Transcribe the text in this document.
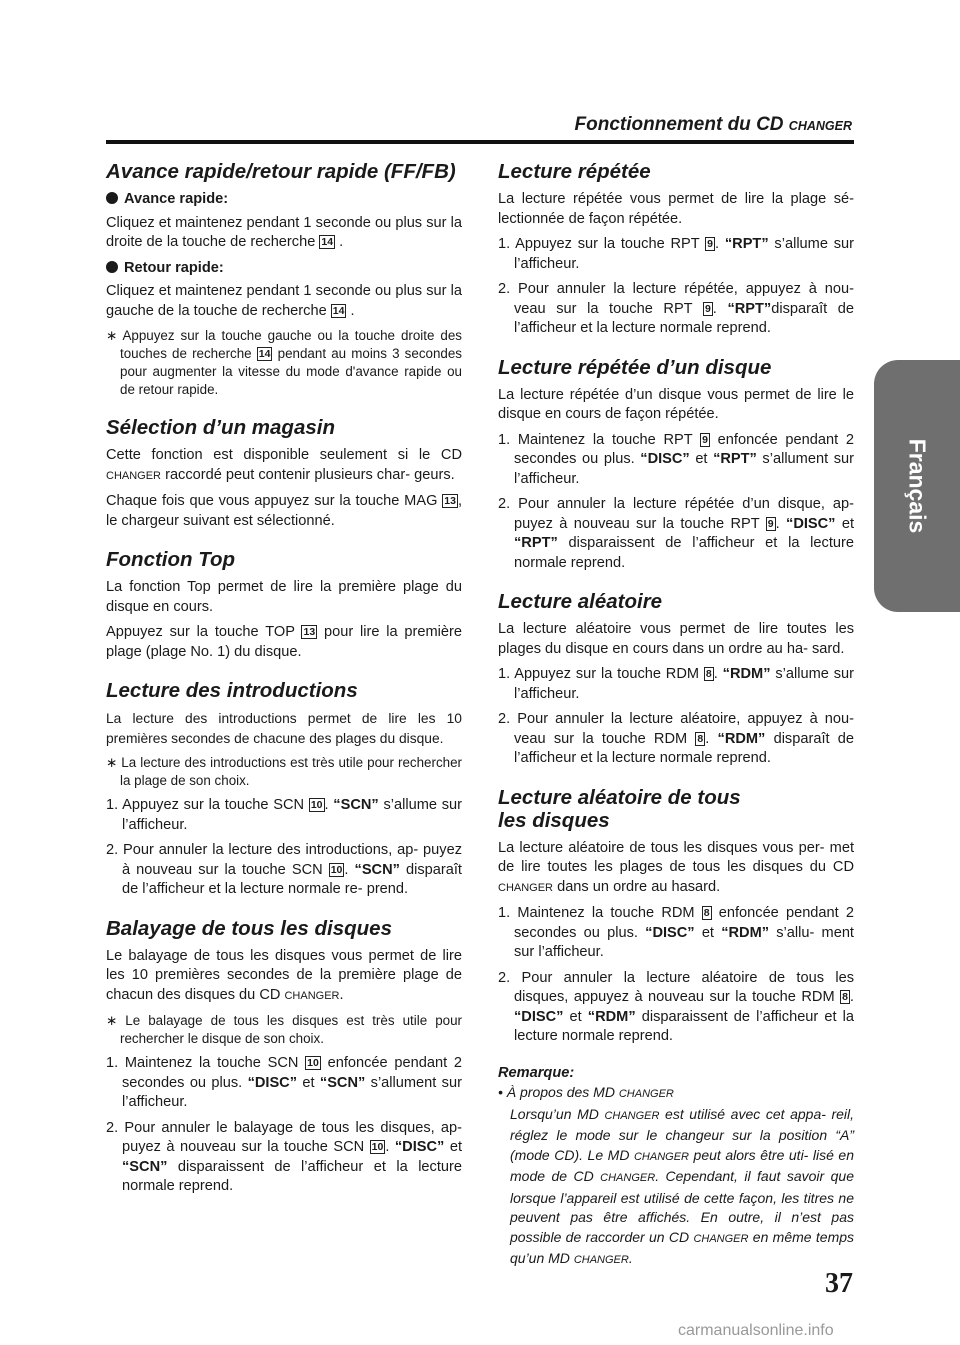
Fonctionnement du CD CHANGER
Français
Avance rapide/retour rapide (FF/FB)
Avance rapide:

Cliquez et maintenez pendant 1 seconde ou plus sur la droite de la touche de recherche 14 .

Retour rapide:

Cliquez et maintenez pendant 1 seconde ou plus sur la gauche de la touche de recherche 14 .

∗ Appuyez sur la touche gauche ou la touche droite des touches de recherche 14 pendant au moins 3 secondes pour augmenter la vitesse du mode d'avance rapide ou de retour rapide.
Sélection d’un magasin

Cette fonction est disponible seulement si le CD CHANGER raccordé peut contenir plusieurs char- geurs.

Chaque fois que vous appuyez sur la touche MAG 13 , le chargeur suivant est sélectionné.

Fonction Top

La fonction Top permet de lire la première plage du disque en cours.

Appuyez sur la touche TOP 13 pour lire la première plage (plage No. 1) du disque.

Lecture des introductions

La lecture des introductions permet de lire les 10 premières secondes de chacune des plages du disque.

∗ La lecture des introductions est très utile pour rechercher la plage de son choix.
1. Appuyez sur la touche SCN 10 . “SCN” s’allume sur l’afficheur.
2. Pour annuler la lecture des introductions, ap- puyez à nouveau sur la touche SCN 10 . “SCN” disparaît de l’afficheur et la lecture normale re- prend.
Balayage de tous les disques

Le balayage de tous les disques vous permet de lire les 10 premières secondes de la première plage de chacun des disques du CD CHANGER.

∗ Le balayage de tous les disques est très utile pour rechercher le disque de son choix.
1. Maintenez la touche SCN 10 enfoncée pendant 2 secondes ou plus. “DISC” et “SCN” s’allument sur l’afficheur.
2. Pour annuler le balayage de tous les disques, ap- puyez à nouveau sur la touche SCN 10 . “DISC” et “SCN” disparaissent de l’afficheur et la lecture normale reprend.
Lecture répétée

La lecture répétée vous permet de lire la plage sé- lectionnée de façon répétée.

1. Appuyez sur la touche RPT 9 . “RPT” s’allume sur l’afficheur.
2. Pour annuler la lecture répétée, appuyez à nou- veau sur la touche RPT 9 . “RPT”disparaît de l’afficheur et la lecture normale reprend.
Lecture répétée d’un disque

La lecture répétée d’un disque vous permet de lire le disque en cours de façon répétée.

1. Maintenez la touche RPT 9 enfoncée pendant 2 secondes ou plus. “DISC” et “RPT” s’allument sur l’afficheur.
2. Pour annuler la lecture répétée d’un disque, ap- puyez à nouveau sur la touche RPT 9 . “DISC” et “RPT” disparaissent de l’afficheur et la lecture normale reprend.
Lecture aléatoire

La lecture aléatoire vous permet de lire toutes les plages du disque en cours dans un ordre au ha- sard.

1. Appuyez sur la touche RDM 8 . “RDM” s’allume sur l’afficheur.
2. Pour annuler la lecture aléatoire, appuyez à nou- veau sur la touche RDM 8 . “RDM” disparaît de l’afficheur et la lecture normale reprend.
Lecture aléatoire de tous
les disques

La lecture aléatoire de tous les disques vous per- met de lire toutes les plages de tous les disques du CD CHANGER dans un ordre au hasard.

1. Maintenez la touche RDM 8 enfoncée pendant 2 secondes ou plus. “DISC” et “RDM” s’allu- ment sur l’afficheur.
2. Pour annuler la lecture aléatoire de tous les disques, appuyez à nouveau sur la touche RDM 8 . “DISC” et “RDM” disparaissent de l’afficheur et la lecture normale reprend.
Remarque:
• À propos des MD CHANGER
Lorsqu’un MD CHANGER est utilisé avec cet appa- reil, réglez le mode sur le changeur sur la position “A” (mode CD). Le MD CHANGER peut alors être uti- lisé en mode de CD CHANGER. Cependant, il faut savoir que lorsque l’appareil est utilisé de cette façon, les titres ne peuvent pas être affichés. En outre, il n’est pas possible de raccorder un CD CHANGER en même temps qu’un MD CHANGER.
37
carmanualsonline.info
